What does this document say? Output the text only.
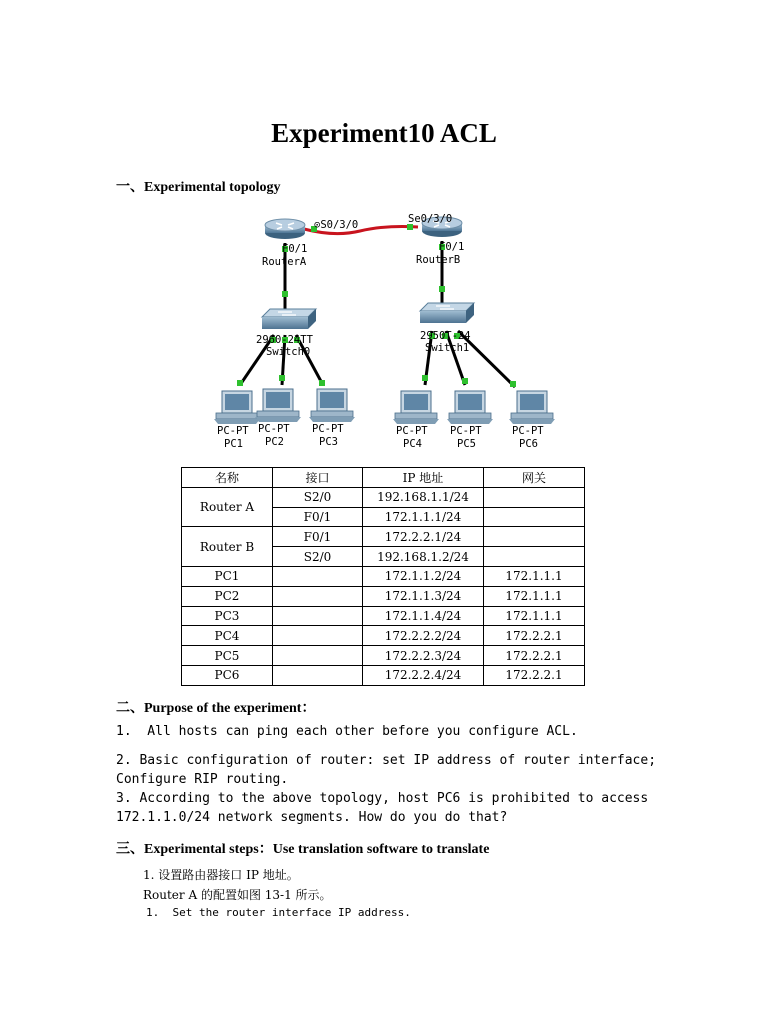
Experiment10 ACL
一、Experimental topology
⊙S0/3/0	Se0/3/0
F0/1	F0/1
RouterA	RouterB
2960-24TT
Switch0
2950T-24
Switch1
PC-PT
PC1
PC-PT
PC2
PC-PT
PC3
PC-PT
PC4
PC-PT
PC5
PC-PT
PC6
名称	接口	IP 地址	网关
Router A	S2/0	192.168.1.1/24	
	F0/1	172.1.1.1/24	
Router B	F0/1	172.2.2.1/24	
	S2/0	192.168.1.2/24	
PC1		172.1.1.2/24	172.1.1.1
PC2		172.1.1.3/24	172.1.1.1
PC3		172.1.1.4/24	172.1.1.1
PC4		172.2.2.2/24	172.2.2.1
PC5		172.2.2.3/24	172.2.2.1
PC6		172.2.2.4/24	172.2.2.1
二、Purpose of the experiment：
1.  All hosts can ping each other before you configure ACL.
2. Basic configuration of router: set IP address of router interface;
Configure RIP routing.
3. According to the above topology, host PC6 is prohibited to access
172.1.1.0/24 network segments. How do you do that?
三、Experimental steps：Use translation software to translate
1. 设置路由器接口 IP 地址。
Router A 的配置如图 13-1 所示。
1.  Set the router interface IP address.
